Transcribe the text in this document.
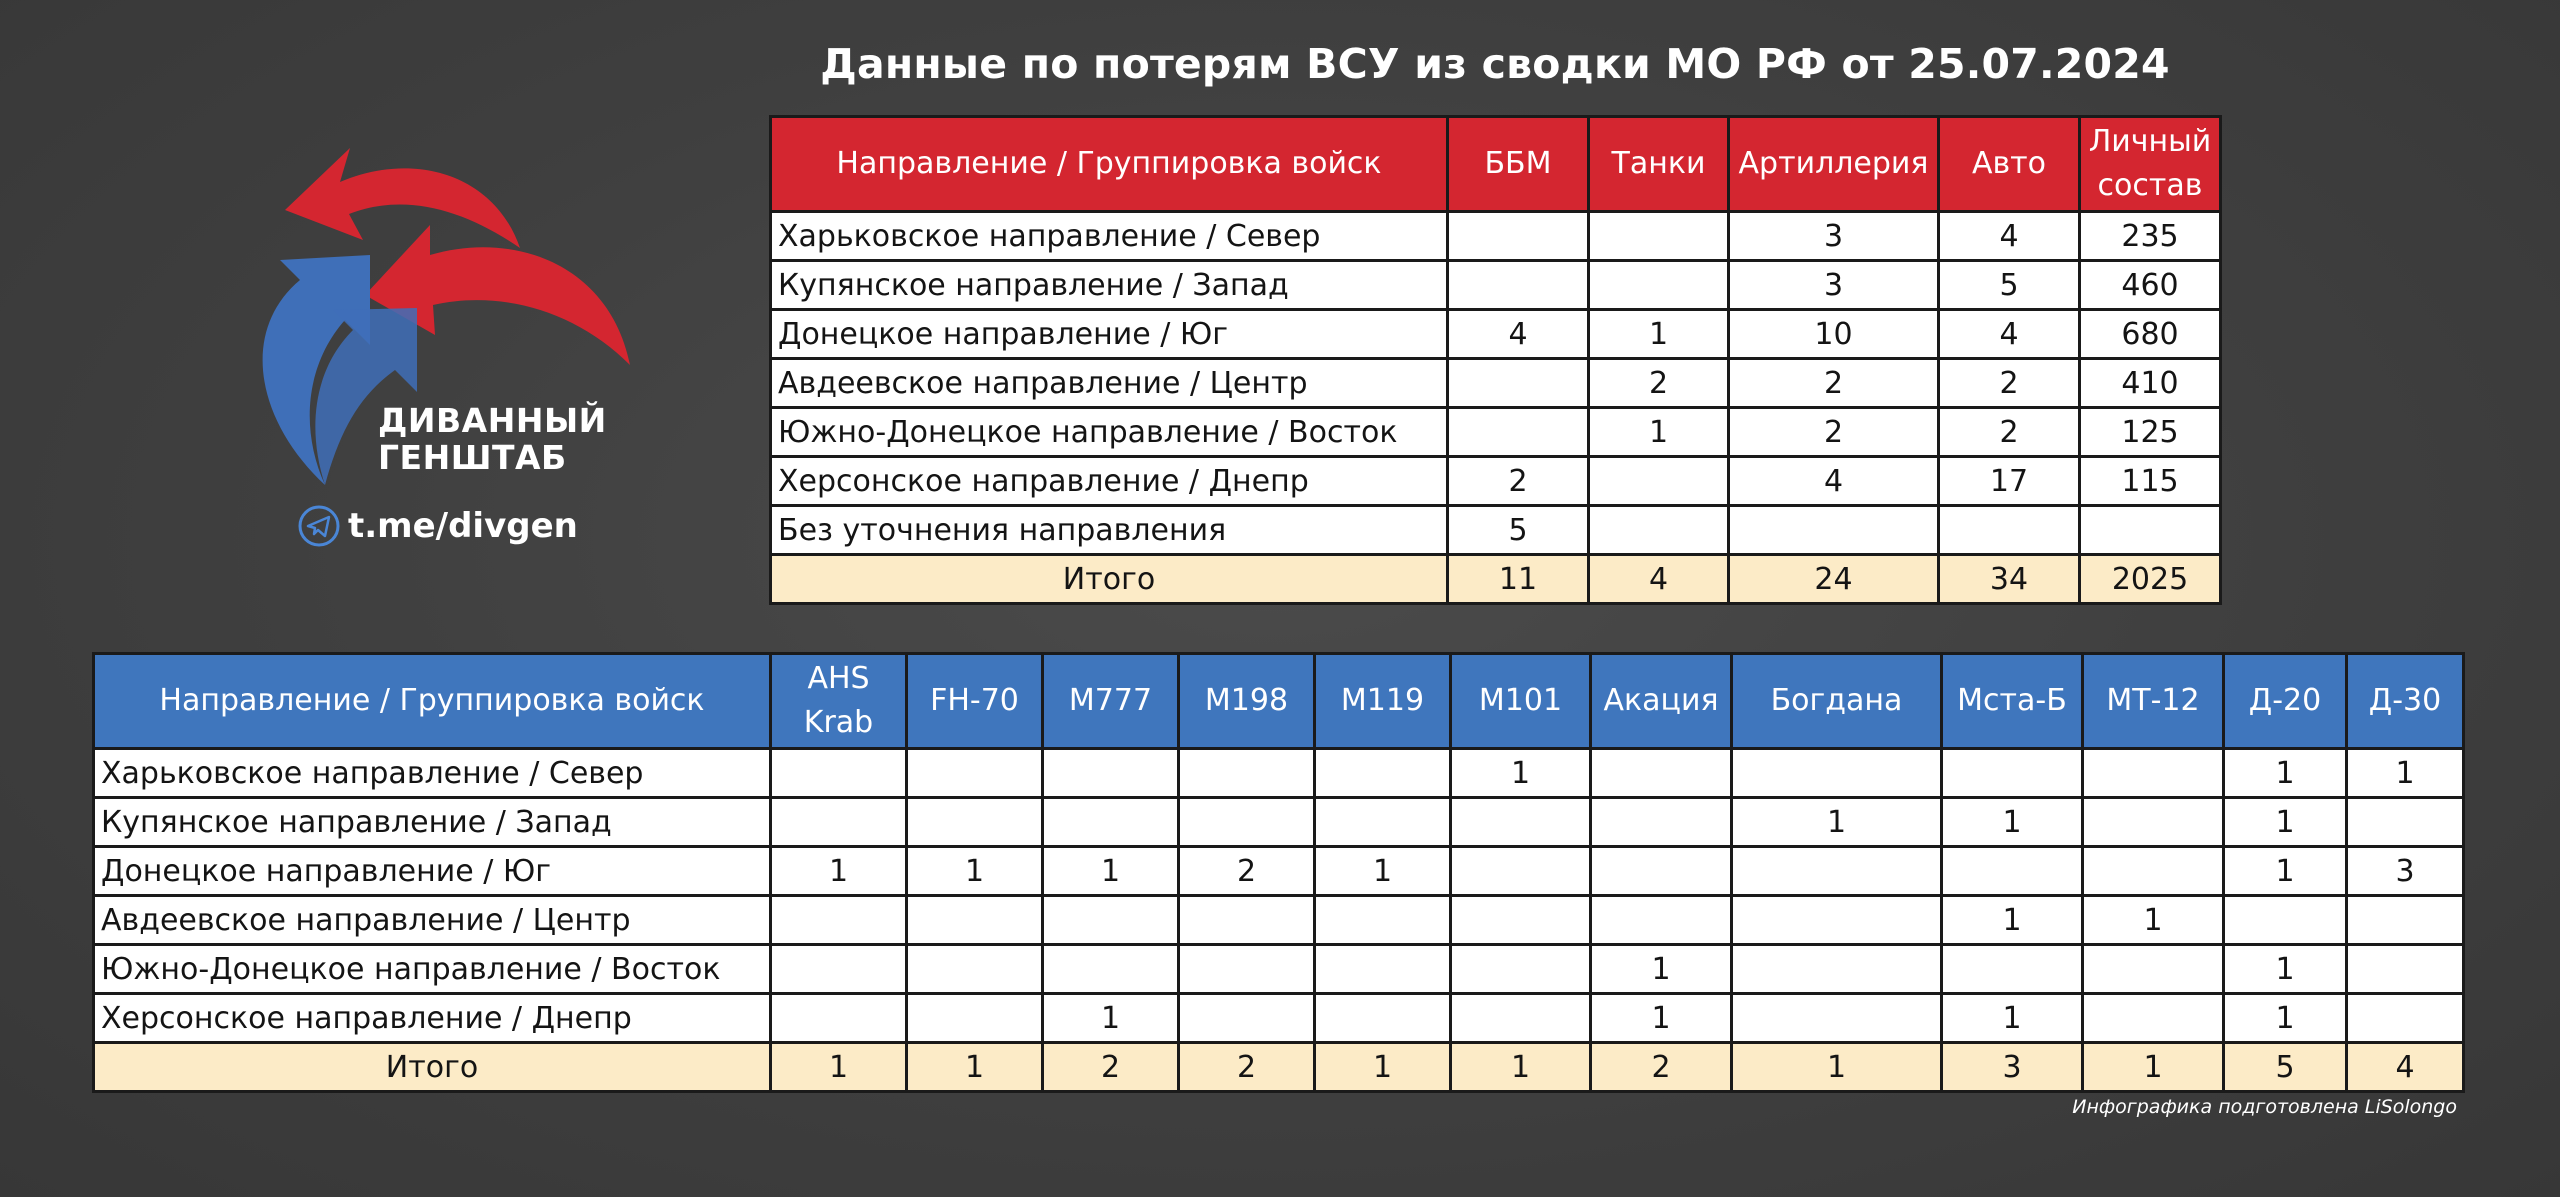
Данные по потерям ВСУ из сводки МО РФ от 25.07.2024
ДИВАННЫЙ
ГЕНШТАБ
t.me/divgen
Направление / Группировка войск	ББМ	Танки	Артиллерия	Авто	Личный состав
Харьковское направление / Север			3	4	235
Купянское направление / Запад			3	5	460
Донецкое направление / Юг	4	1	10	4	680
Авдеевское направление / Центр		2	2	2	410
Южно-Донецкое направление / Восток		1	2	2	125
Херсонское направление / Днепр	2		4	17	115
Без уточнения направления	5				
Итого	11	4	24	34	2025
Направление / Группировка войск	AHS Krab	FH-70	M777	M198	M119	M101	Акация	Богдана	Мста-Б	МТ-12	Д-20	Д-30
Харьковское направление / Север						1					1	1
Купянское направление / Запад								1	1		1	
Донецкое направление / Юг	1	1	1	2	1						1	3
Авдеевское направление / Центр									1	1		
Южно-Донецкое направление / Восток							1				1	
Херсонское направление / Днепр			1				1		1		1	
Итого	1	1	2	2	1	1	2	1	3	1	5	4
Инфографика подготовлена LiSolongo
